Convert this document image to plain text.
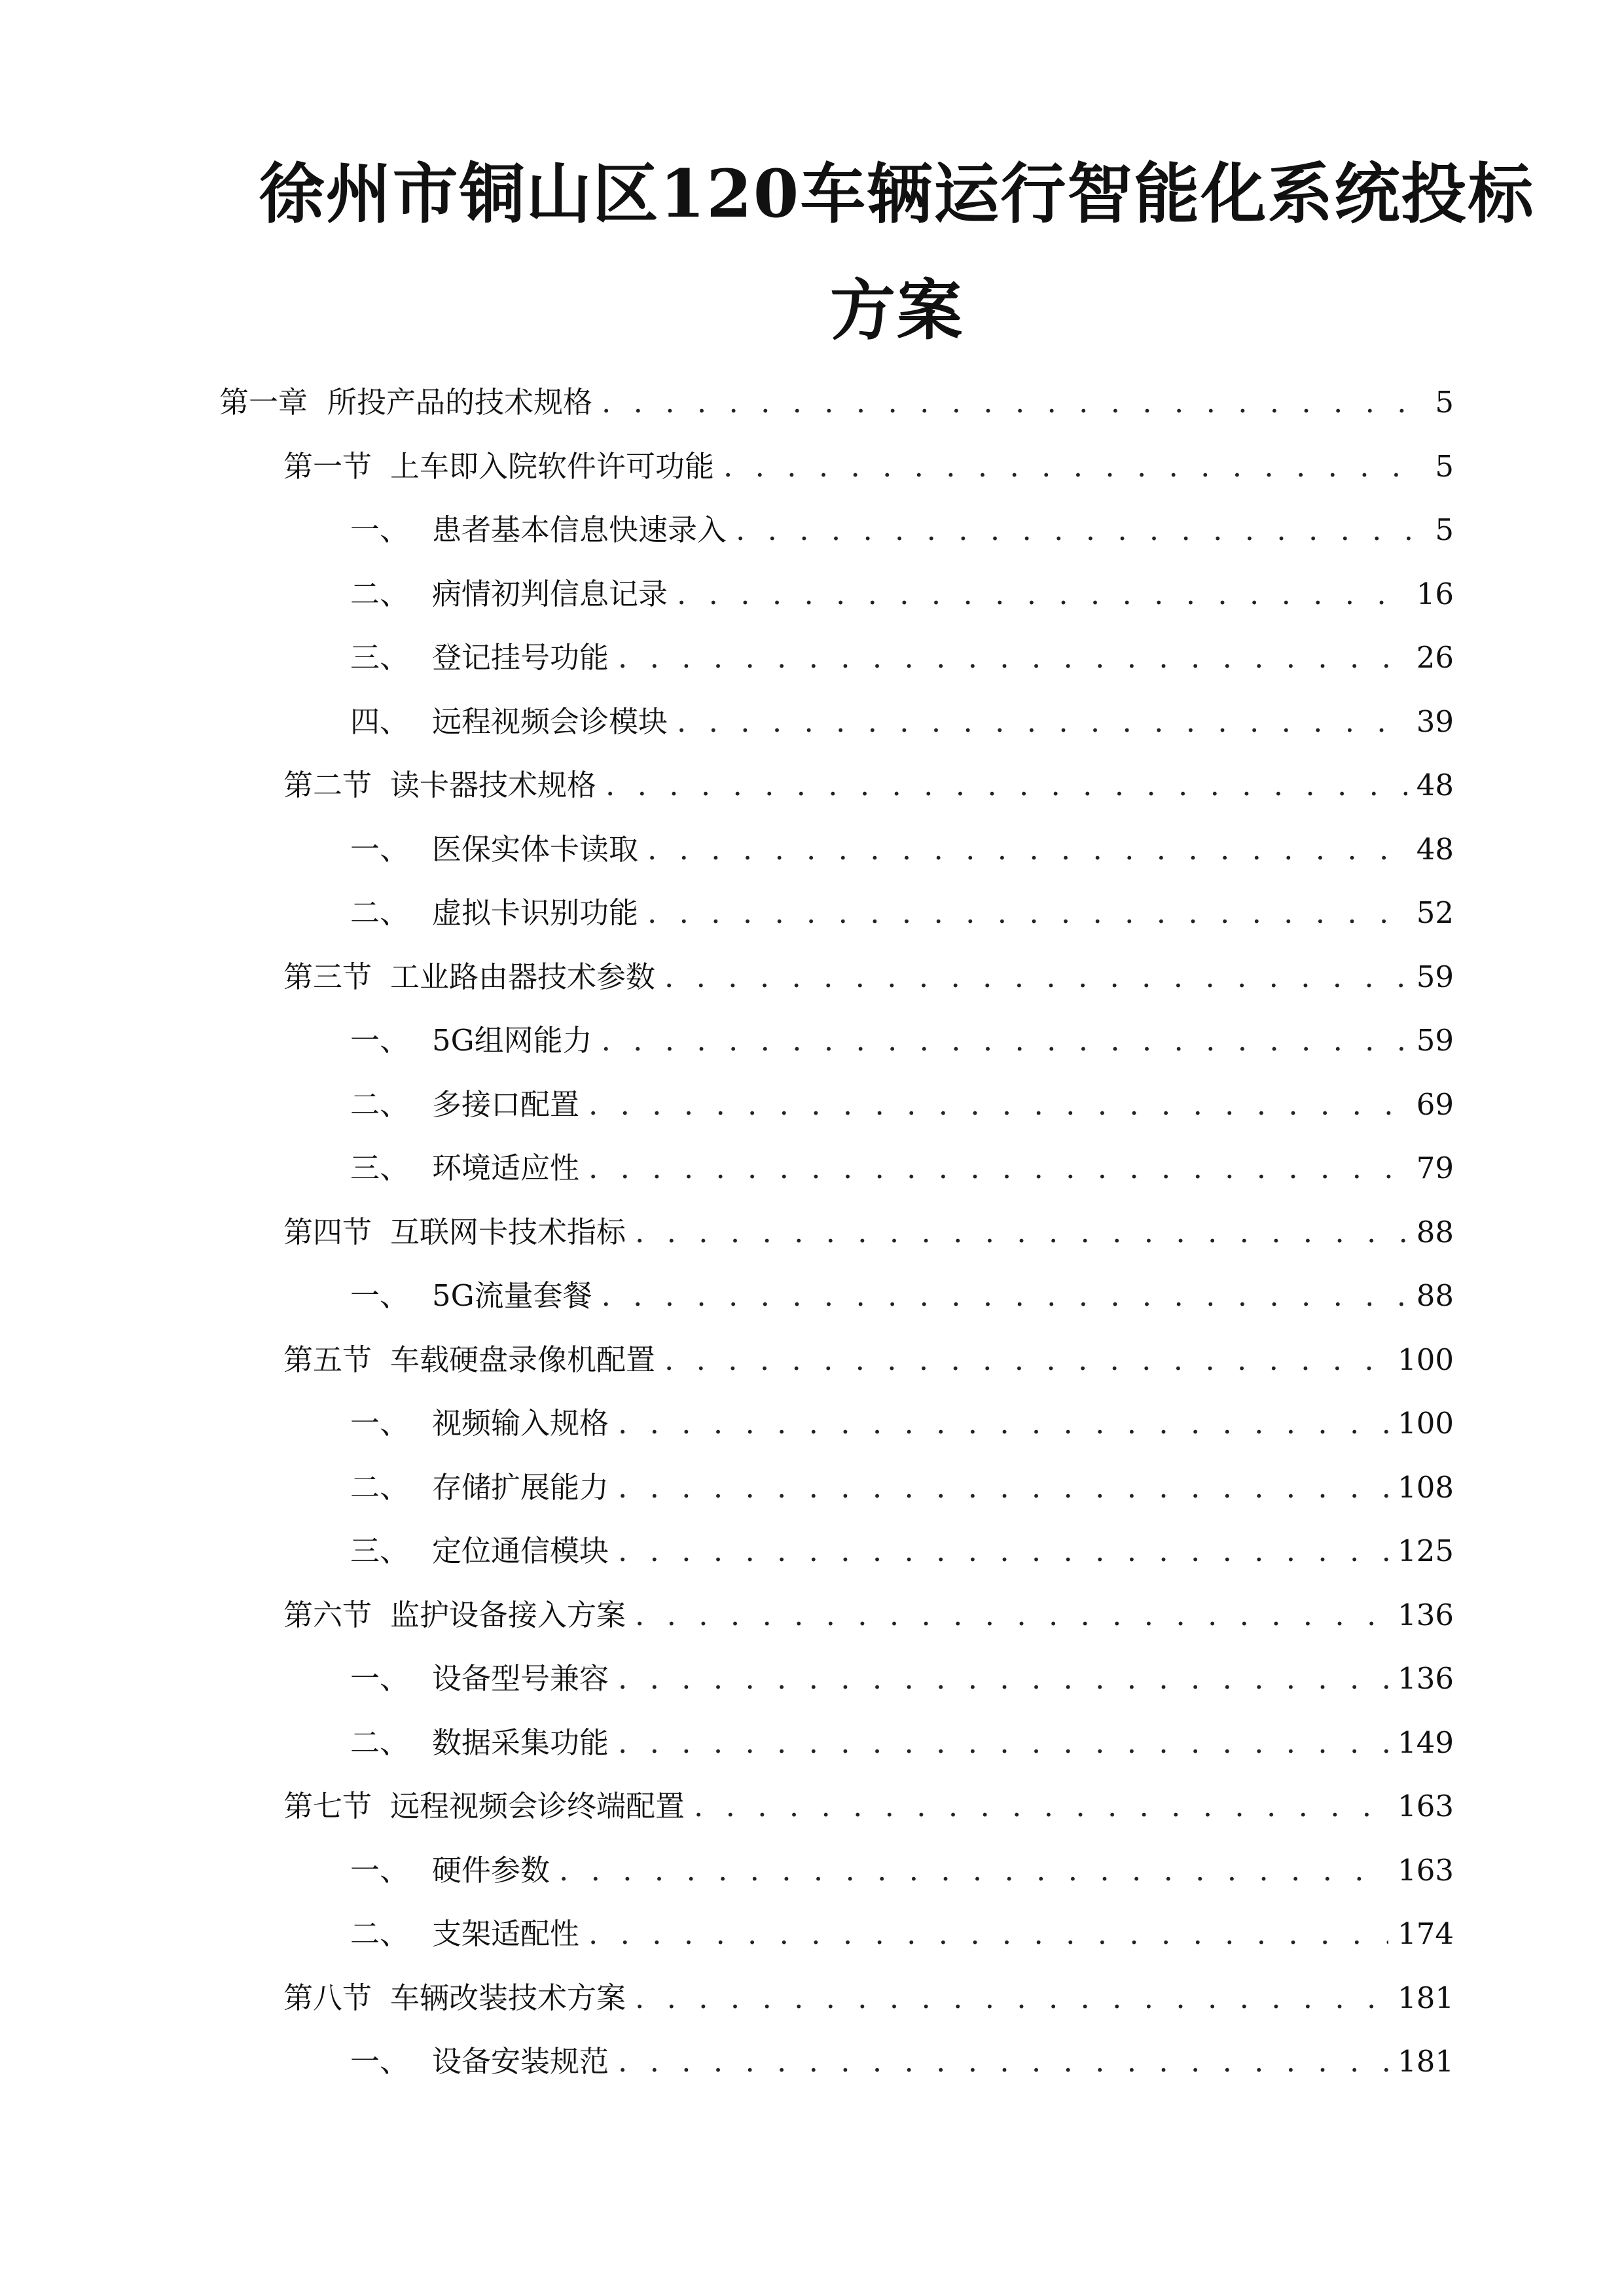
徐州市铜山区120车辆运行智能化系统投标
方案
第一章 所投产品的技术规格 . . .	5
第一节 上车即入院软件许可功能 . . .	5
一、 患者基本信息快速录入 . . .	5
二、 病情初判信息记录 . . .	16
三、 登记挂号功能 . . .	26
四、 远程视频会诊模块 . . .	39
第二节 读卡器技术规格 . . .	48
一、 医保实体卡读取 . . .	48
二、 虚拟卡识别功能 . . .	52
第三节 工业路由器技术参数 . . .	59
一、 5G组网能力 . . .	59
二、 多接口配置 . . .	69
三、 环境适应性 . . .	79
第四节 互联网卡技术指标 . . .	88
一、 5G流量套餐 . . .	88
第五节 车载硬盘录像机配置 . . .	100
一、 视频输入规格 . . .	100
二、 存储扩展能力 . . .	108
三、 定位通信模块 . . .	125
第六节 监护设备接入方案 . . .	136
一、 设备型号兼容 . . .	136
二、 数据采集功能 . . .	149
第七节 远程视频会诊终端配置 . . .	163
一、 硬件参数 . . .	163
二、 支架适配性 . . .	174
第八节 车辆改装技术方案 . . .	181
一、 设备安装规范 . . .	181
